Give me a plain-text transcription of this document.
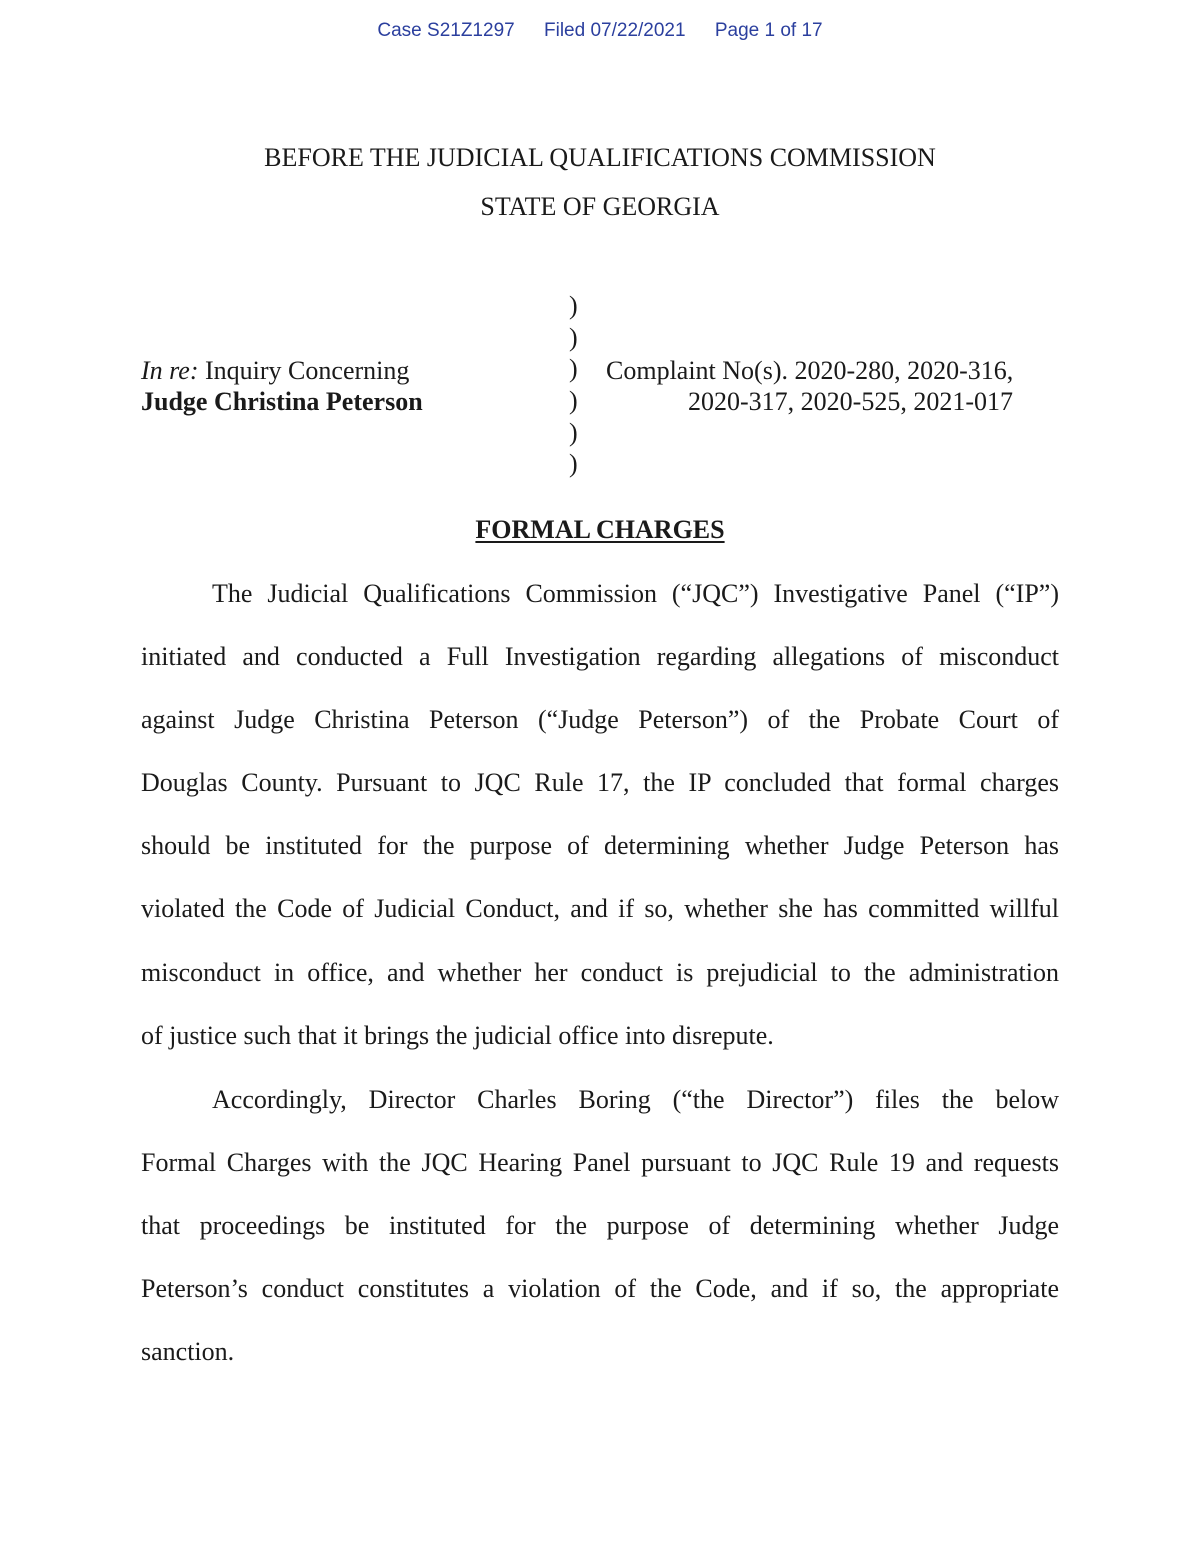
Case S21Z1297 Filed 07/22/2021 Page 1 of 17
BEFORE THE JUDICIAL QUALIFICATIONS COMMISSION
STATE OF GEORGIA
In re: Inquiry Concerning
Judge Christina Peterson
)
)
)
)
)
)
Complaint No(s). 2020-280, 2020-316,
2020-317, 2020-525, 2021-017
FORMAL CHARGES
The Judicial Qualifications Commission (“JQC”) Investigative Panel (“IP”)
initiated and conducted a Full Investigation regarding allegations of misconduct
against Judge Christina Peterson (“Judge Peterson”) of the Probate Court of
Douglas County. Pursuant to JQC Rule 17, the IP concluded that formal charges
should be instituted for the purpose of determining whether Judge Peterson has
violated the Code of Judicial Conduct, and if so, whether she has committed willful
misconduct in office, and whether her conduct is prejudicial to the administration
of justice such that it brings the judicial office into disrepute.
Accordingly, Director Charles Boring (“the Director”) files the below
Formal Charges with the JQC Hearing Panel pursuant to JQC Rule 19 and requests
that proceedings be instituted for the purpose of determining whether Judge
Peterson’s conduct constitutes a violation of the Code, and if so, the appropriate
sanction.
